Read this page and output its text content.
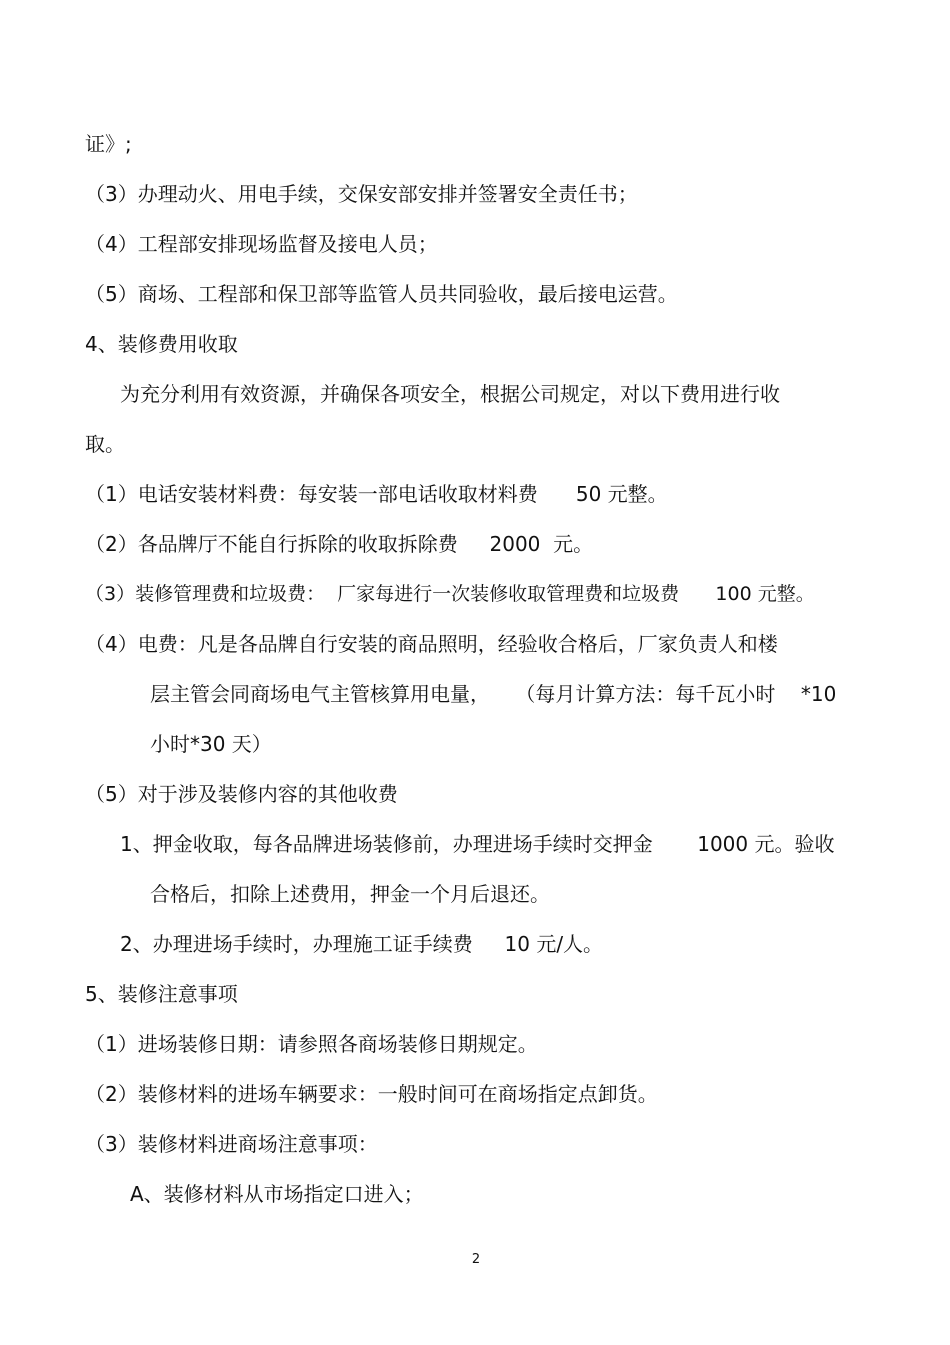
证》;
（3）办理动火、用电手续，交保安部安排并签署安全责任书；
（4）工程部安排现场监督及接电人员；
（5）商场、工程部和保卫部等监管人员共同验收，最后接电运营。
4、装修费用收取
为充分利用有效资源，并确保各项安全，根据公司规定，对以下费用进行收
取。
（1）电话安装材料费：每安装一部电话收取材料费      50 元整。
（2）各品牌厅不能自行拆除的收取拆除费     2000  元。
（3）装修管理费和垃圾费：  厂家每进行一次装修收取管理费和垃圾费      100 元整。
（4）电费：凡是各品牌自行安装的商品照明，经验收合格后，厂家负责人和楼
层主管会同商场电气主管核算用电量，    （每月计算方法：每千瓦小时    *10
小时*30 天）
（5）对于涉及装修内容的其他收费
1、押金收取，每各品牌进场装修前，办理进场手续时交押金       1000 元。验收
合格后，扣除上述费用，押金一个月后退还。
2、办理进场手续时，办理施工证手续费     10 元/人。
5、装修注意事项
（1）进场装修日期：请参照各商场装修日期规定。
（2）装修材料的进场车辆要求：一般时间可在商场指定点卸货。
（3）装修材料进商场注意事项：
A、装修材料从市场指定口进入；
2
